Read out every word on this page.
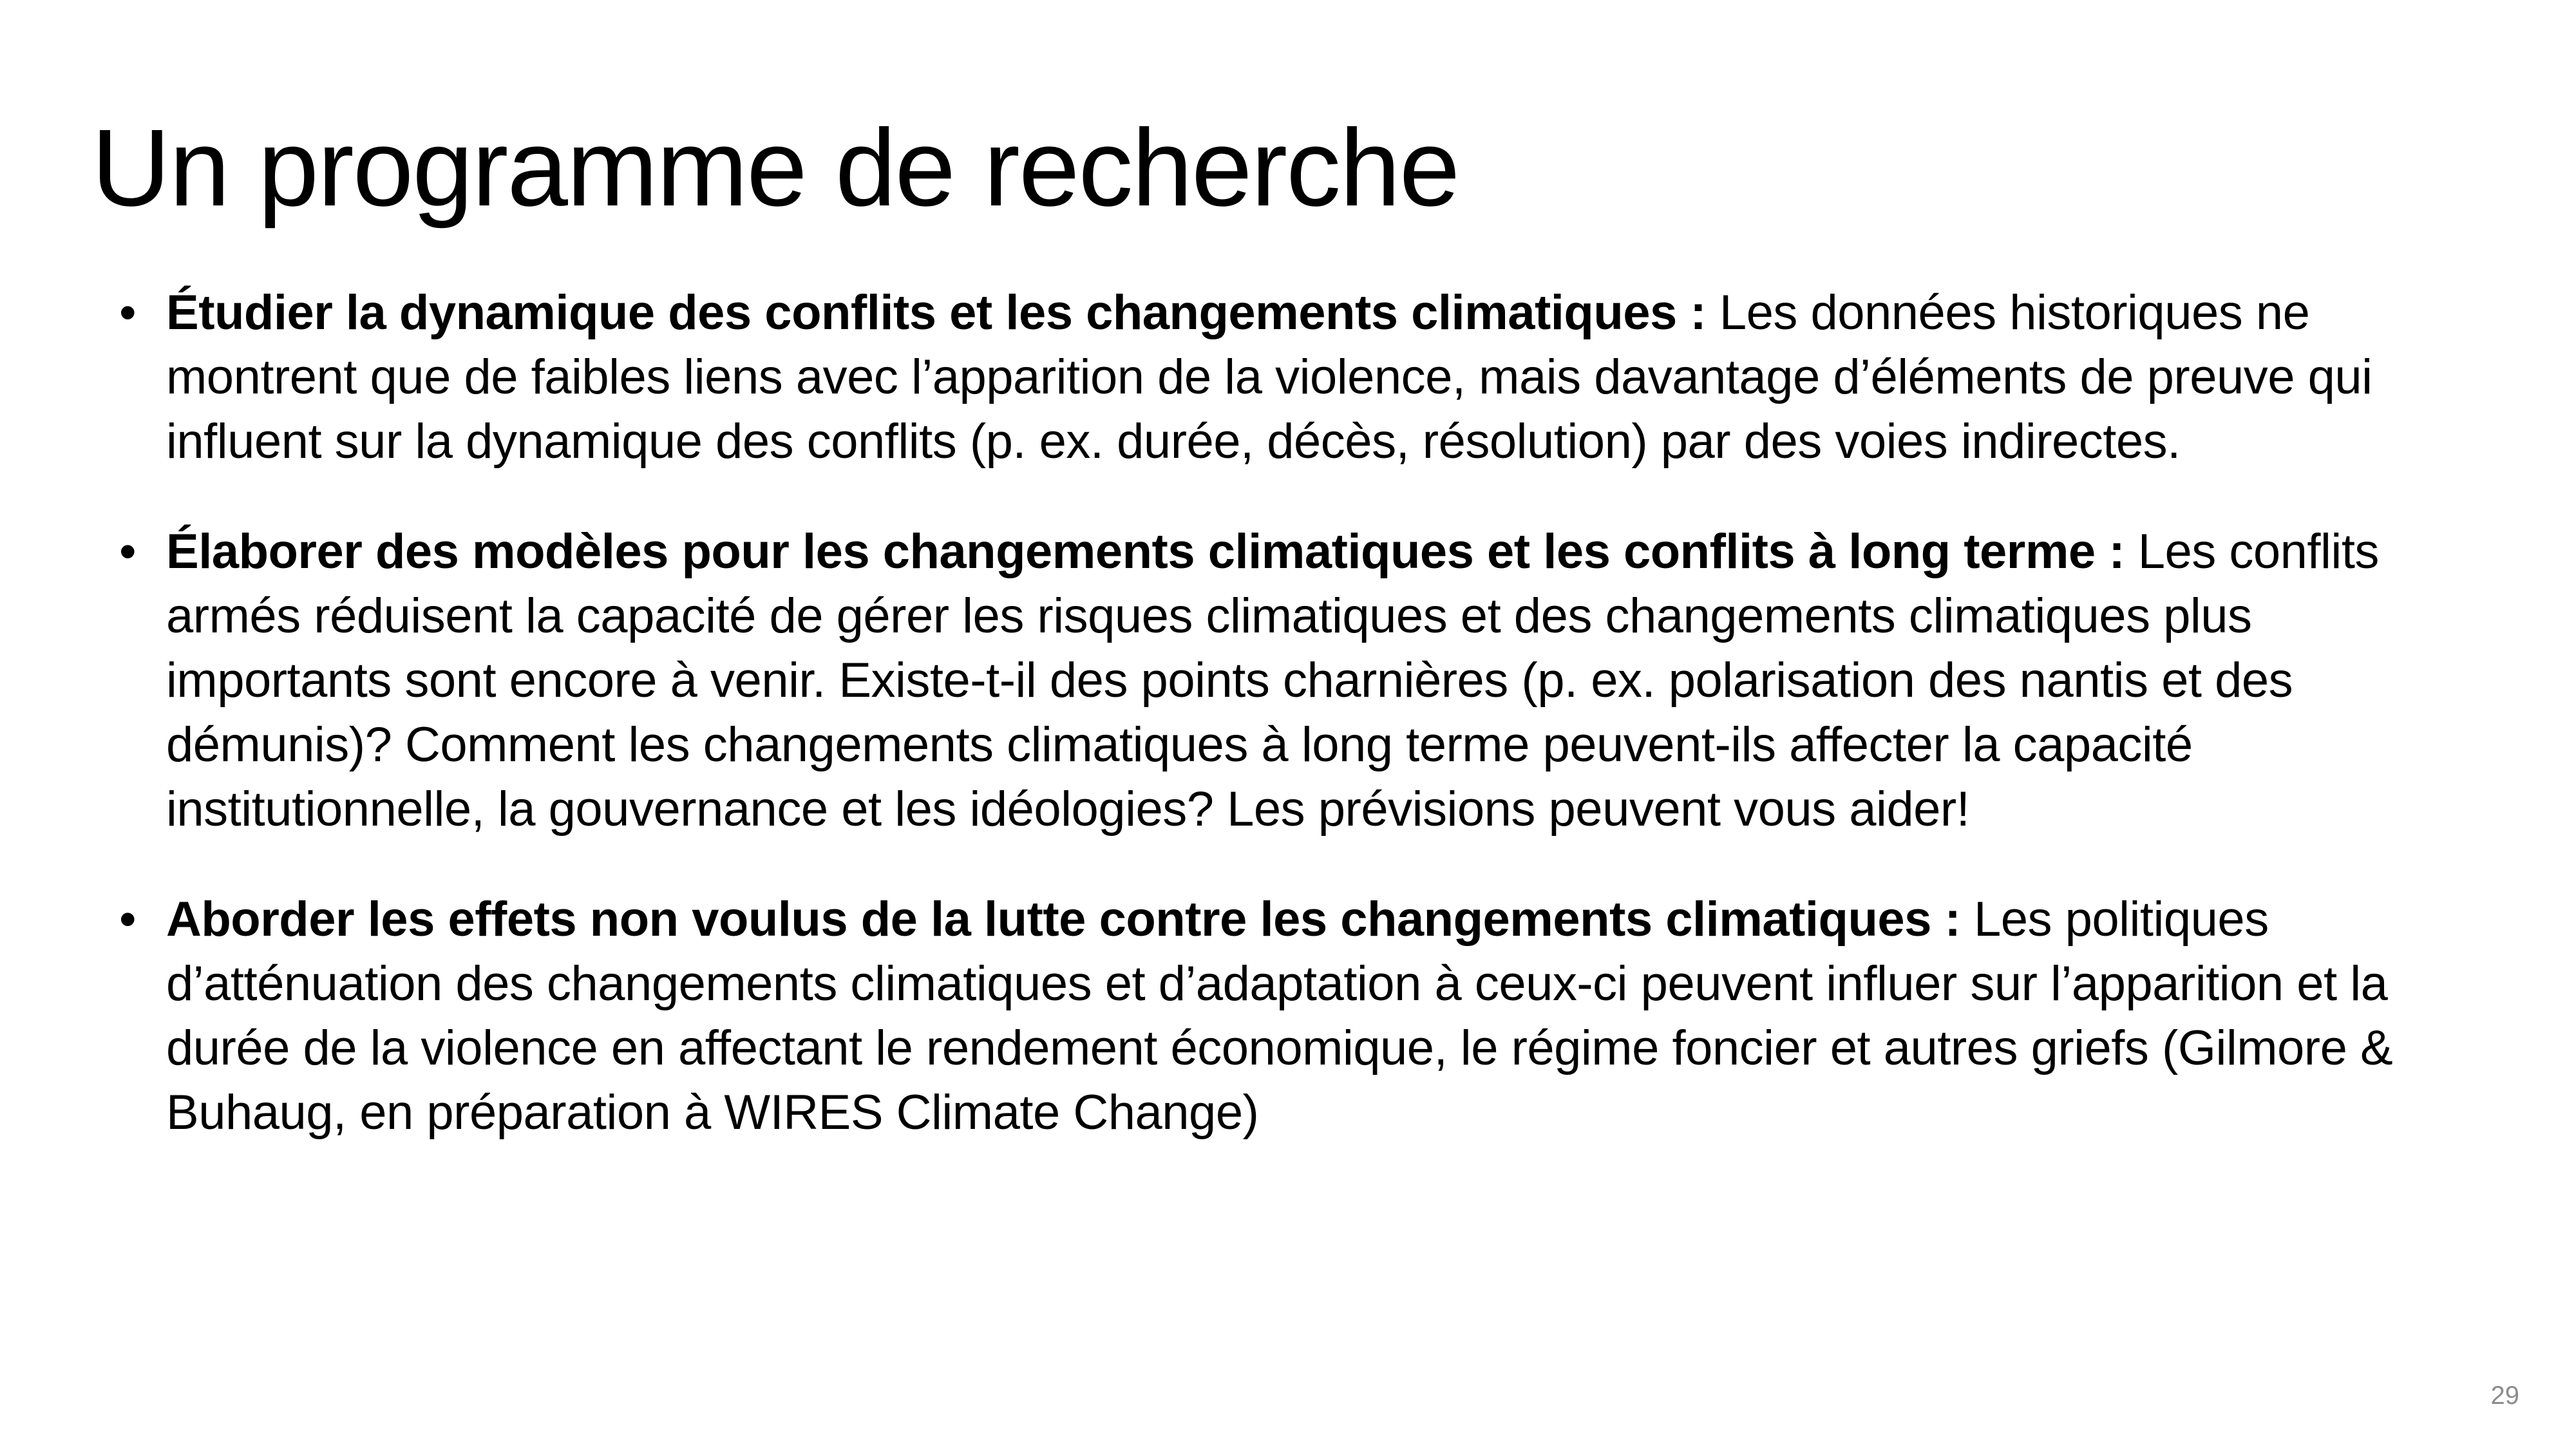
Un programme de recherche
• Étudier la dynamique des conflits et les changements climatiques : Les données historiques ne montrent que de faibles liens avec l’apparition de la violence, mais davantage d’éléments de preuve qui influent sur la dynamique des conflits (p. ex. durée, décès, résolution) par des voies indirectes.
• Élaborer des modèles pour les changements climatiques et les conflits à long terme : Les conflits armés réduisent la capacité de gérer les risques climatiques et des changements climatiques plus importants sont encore à venir. Existe-t-il des points charnières (p. ex. polarisation des nantis et des démunis)? Comment les changements climatiques à long terme peuvent-ils affecter la capacité institutionnelle, la gouvernance et les idéologies? Les prévisions peuvent vous aider!
• Aborder les effets non voulus de la lutte contre les changements climatiques : Les politiques d’atténuation des changements climatiques et d’adaptation à ceux-ci peuvent influer sur l’apparition et la durée de la violence en affectant le rendement économique, le régime foncier et autres griefs (Gilmore & Buhaug, en préparation à WIRES Climate Change)
29
